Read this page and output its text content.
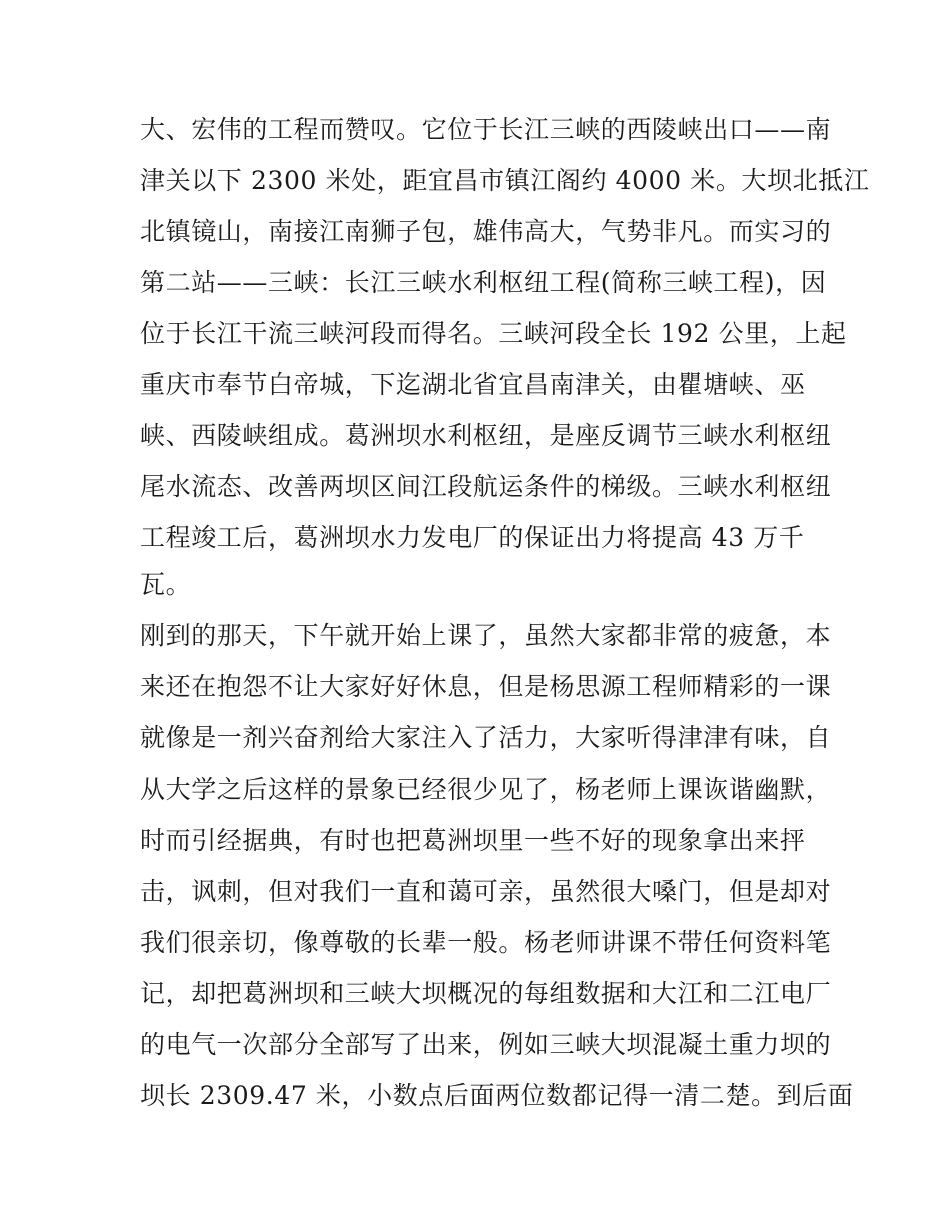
大、宏伟的工程而赞叹。它位于长江三峡的西陵峡出口——南
津关以下 2300 米处，距宜昌市镇江阁约 4000 米。大坝北抵江
北镇镜山，南接江南狮子包，雄伟高大，气势非凡。而实习的
第二站——三峡：长江三峡水利枢纽工程(简称三峡工程)，因
位于长江干流三峡河段而得名。三峡河段全长 192 公里，上起
重庆市奉节白帝城，下迄湖北省宜昌南津关，由瞿塘峡、巫
峡、西陵峡组成。葛洲坝水利枢纽，是座反调节三峡水利枢纽
尾水流态、改善两坝区间江段航运条件的梯级。三峡水利枢纽
工程竣工后，葛洲坝水力发电厂的保证出力将提高 43 万千
瓦。
刚到的那天，下午就开始上课了，虽然大家都非常的疲惫，本
来还在抱怨不让大家好好休息，但是杨思源工程师精彩的一课
就像是一剂兴奋剂给大家注入了活力，大家听得津津有味，自
从大学之后这样的景象已经很少见了，杨老师上课诙谐幽默，
时而引经据典，有时也把葛洲坝里一些不好的现象拿出来抨
击，讽刺，但对我们一直和蔼可亲，虽然很大嗓门，但是却对
我们很亲切，像尊敬的长辈一般。杨老师讲课不带任何资料笔
记，却把葛洲坝和三峡大坝概况的每组数据和大江和二江电厂
的电气一次部分全部写了出来，例如三峡大坝混凝土重力坝的
坝长 2309.47 米，小数点后面两位数都记得一清二楚。到后面
